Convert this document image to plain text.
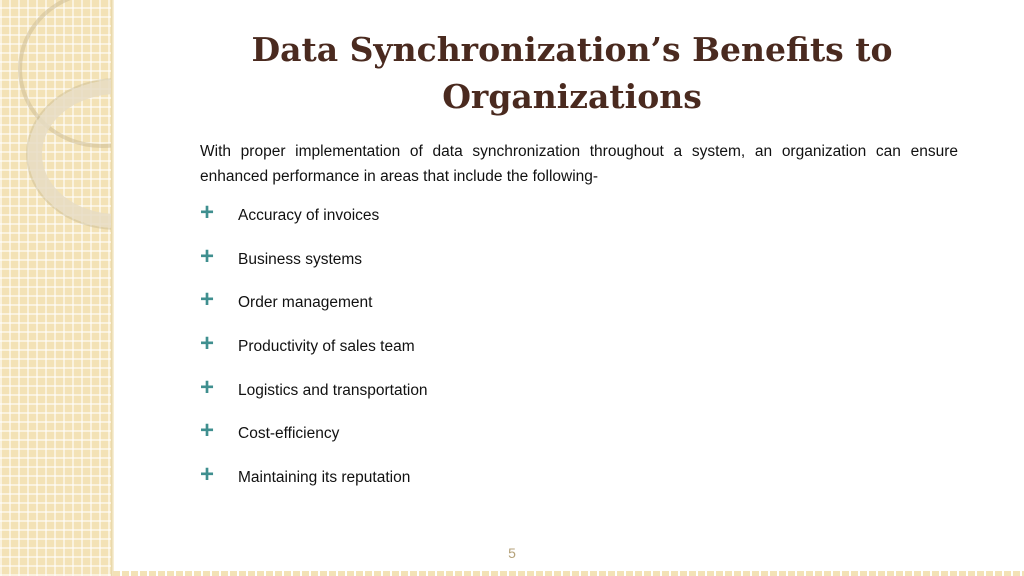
Data Synchronization’s Benefits to Organizations

With proper implementation of data synchronization throughout a system, an organization can ensure enhanced performance in areas that include the following-

+	Accuracy of invoices
+	Business systems
+	Order management
+	Productivity of sales team
+	Logistics and transportation
+	Cost-efficiency
+	Maintaining its reputation
5
